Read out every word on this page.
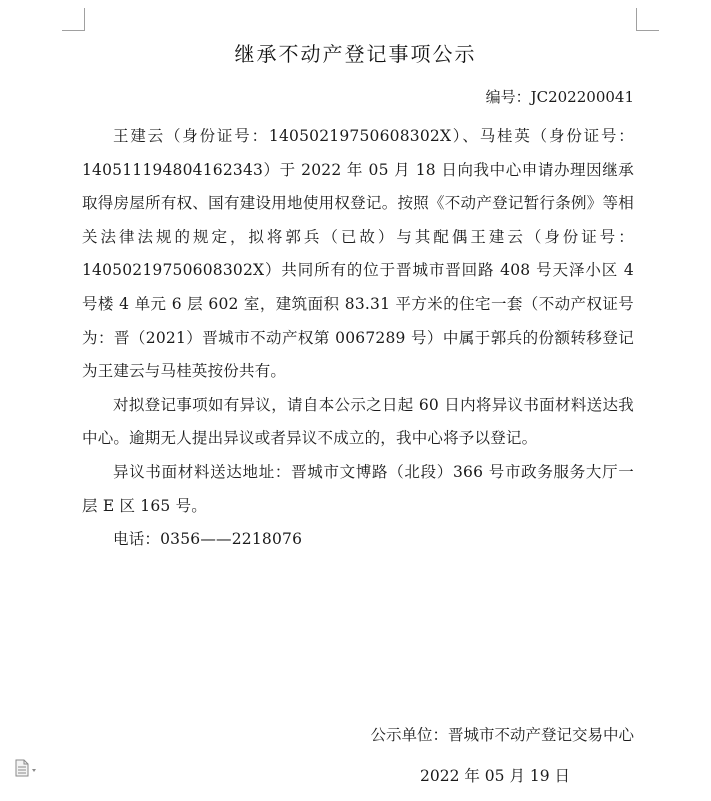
继承不动产登记事项公示
编号：JC202200041

王建云（身份证号：14050219750608302X）、马桂英（身份证号：140511194804162343）于 2022 年 05 月 18 日向我中心申请办理因继承取得房屋所有权、国有建设用地使用权登记。按照《不动产登记暂行条例》等相关法律法规的规定，拟将郭兵（已故）与其配偶王建云（身份证号：14050219750608302X）共同所有的位于晋城市晋回路 408 号天泽小区 4 号楼 4 单元 6 层 602 室，建筑面积 83.31 平方米的住宅一套（不动产权证号为：晋（2021）晋城市不动产权第 0067289 号）中属于郭兵的份额转移登记为王建云与马桂英按份共有。

对拟登记事项如有异议，请自本公示之日起 60 日内将异议书面材料送达我中心。逾期无人提出异议或者异议不成立的，我中心将予以登记。

异议书面材料送达地址：晋城市文博路（北段）366 号市政务服务大厅一层 E 区 165 号。

电话：0356——2218076

公示单位：晋城市不动产登记交易中心
2022 年 05 月 19 日
